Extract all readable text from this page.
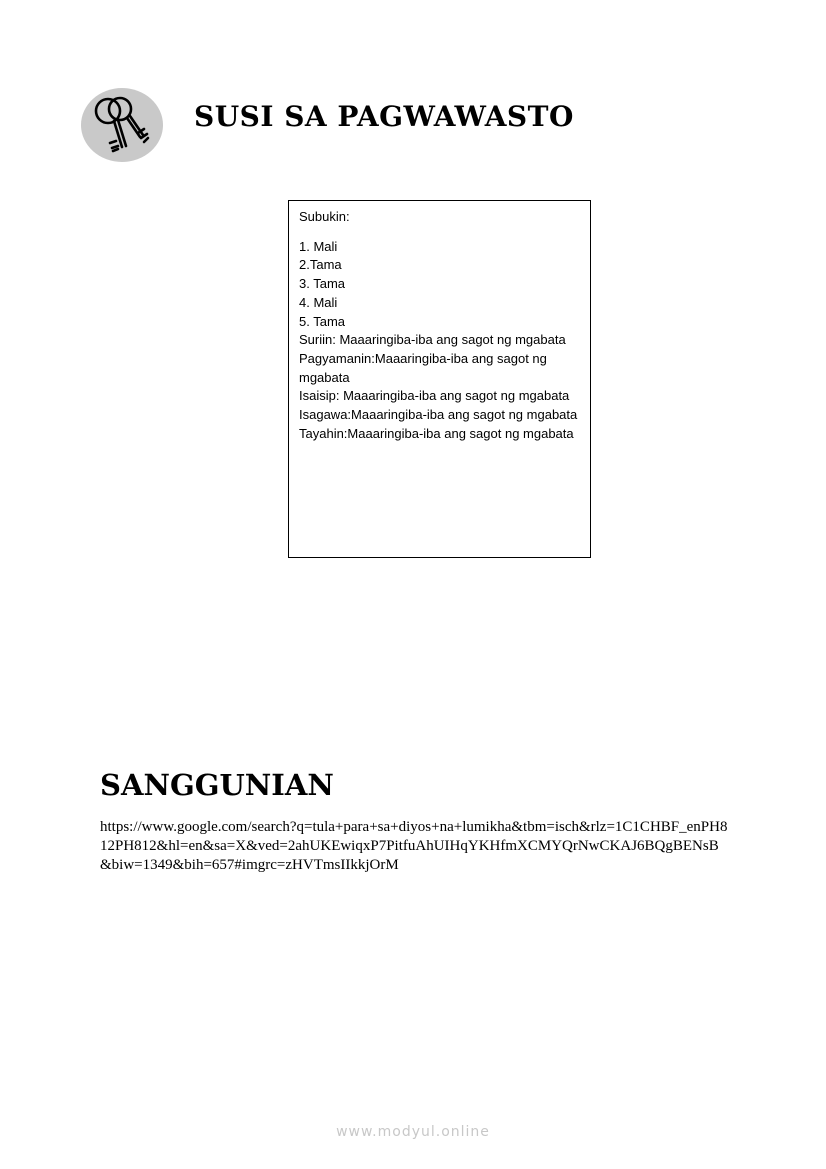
SUSI SA PAGWAWASTO

Subukin:

1. Mali

2.Tama

3. Tama

4. Mali

5. Tama

Suriin: Maaaringiba-iba ang sagot ng mgabata

Pagyamanin:Maaaringiba-iba ang sagot ng mgabata

Isaisip: Maaaringiba-iba ang sagot ng mgabata

Isagawa:Maaaringiba-iba ang sagot ng mgabata

Tayahin:Maaaringiba-iba ang sagot ng mgabata

SANGGUNIAN
https://www.google.com/search?q=tula+para+sa+diyos+na+lumikha&tbm=isch&rlz=1C1CHBF_enPH812PH812&hl=en&sa=X&ved=2ahUKEwiqxP7PitfuAhUIHqYKHfmXCMYQrNwCKAJ6BQgBENsB&biw=1349&bih=657#imgrc=zHVTmsIIkkjOrM
www.modyul.online
